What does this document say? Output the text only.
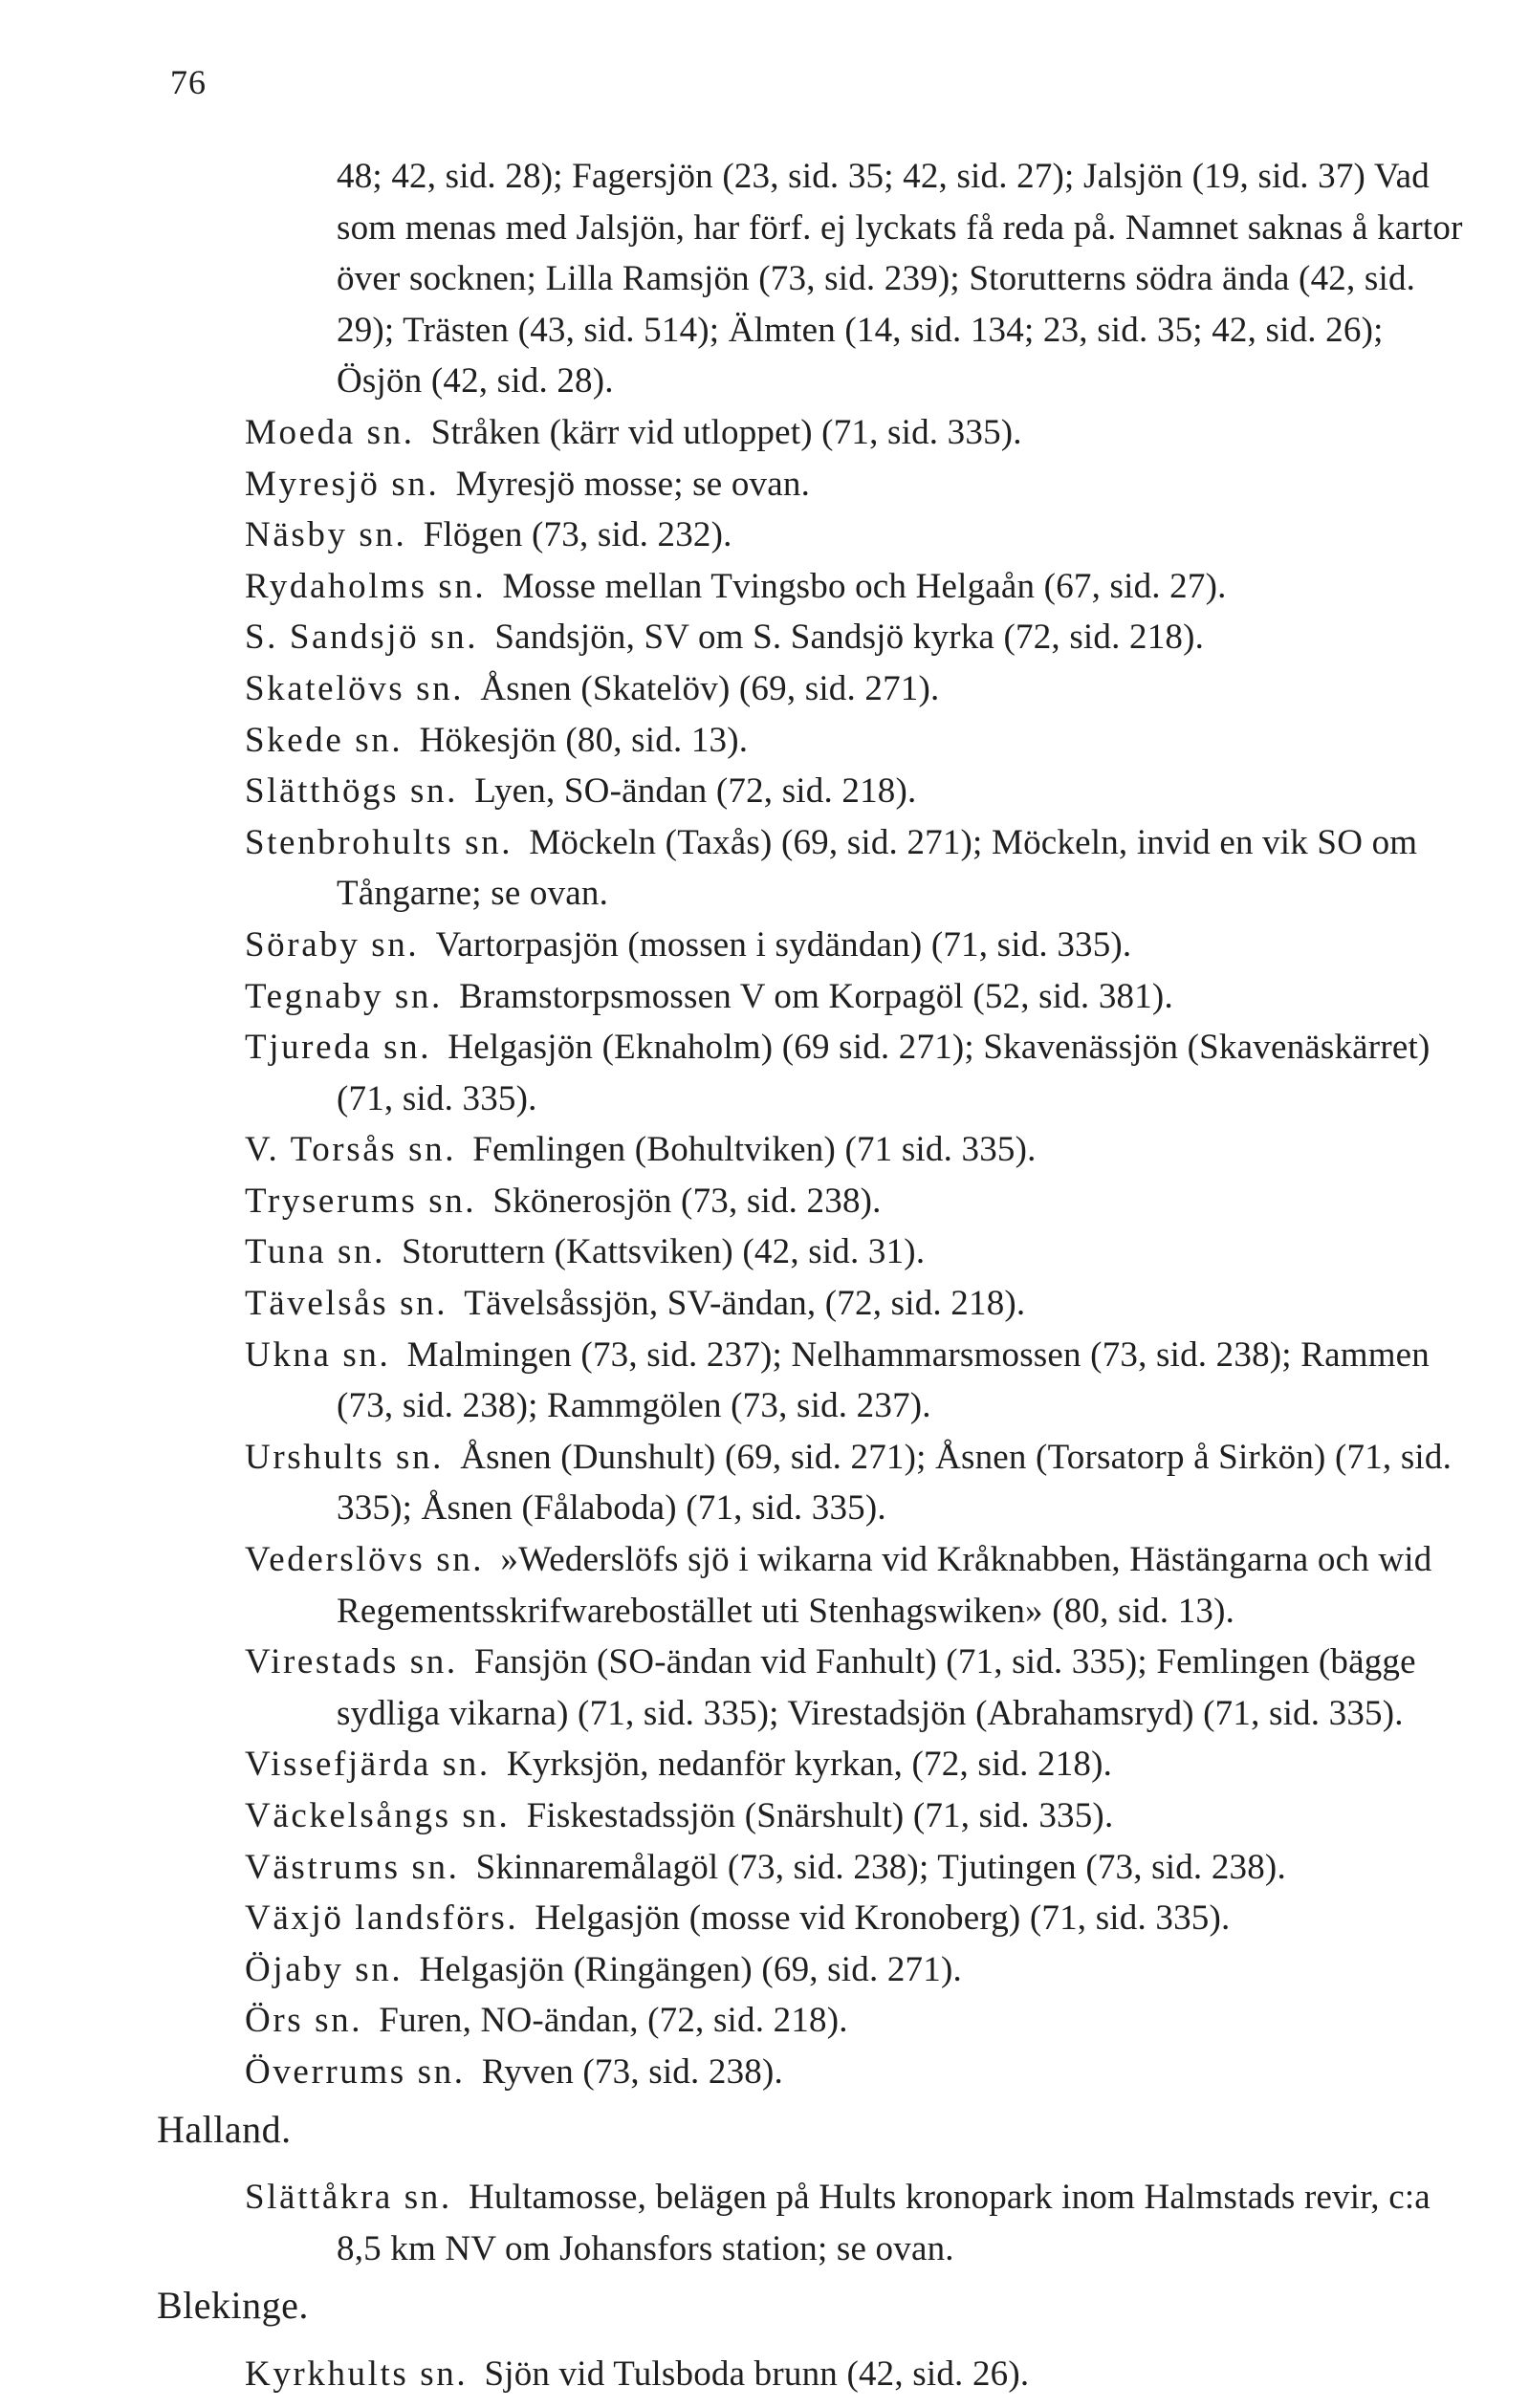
76
48; 42, sid. 28); Fagersjön (23, sid. 35; 42, sid. 27); Jalsjön (19, sid. 37) Vad som menas med Jalsjön, har förf. ej lyckats få reda på. Namnet saknas å kartor över socknen; Lilla Ramsjön (73, sid. 239); Storutterns södra ända (42, sid. 29); Trästen (43, sid. 514); Älmten (14, sid. 134; 23, sid. 35; 42, sid. 26); Ösjön (42, sid. 28).
Moeda sn. Stråken (kärr vid utloppet) (71, sid. 335).
Myresjö sn. Myresjö mosse; se ovan.
Näsby sn. Flögen (73, sid. 232).
Rydaholms sn. Mosse mellan Tvingsbo och Helgaån (67, sid. 27).
S. Sandsjö sn. Sandsjön, SV om S. Sandsjö kyrka (72, sid. 218).
Skatelövs sn. Åsnen (Skatelöv) (69, sid. 271).
Skede sn. Hökesjön (80, sid. 13).
Slätthögs sn. Lyen, SO-ändan (72, sid. 218).
Stenbrohults sn. Möckeln (Taxås) (69, sid. 271); Möckeln, invid en vik SO om Tångarne; se ovan.
Söraby sn. Vartorpasjön (mossen i sydändan) (71, sid. 335).
Tegnaby sn. Bramstorpsmossen V om Korpagöl (52, sid. 381).
Tjureda sn. Helgasjön (Eknaholm) (69 sid. 271); Skavenässjön (Skavenäskärret) (71, sid. 335).
V. Torsås sn. Femlingen (Bohultviken) (71 sid. 335).
Tryserums sn. Skönerosjön (73, sid. 238).
Tuna sn. Storuttern (Kattsviken) (42, sid. 31).
Tävelsås sn. Tävelsåssjön, SV-ändan, (72, sid. 218).
Ukna sn. Malmingen (73, sid. 237); Nelhammarsmossen (73, sid. 238); Rammen (73, sid. 238); Rammgölen (73, sid. 237).
Urshults sn. Åsnen (Dunshult) (69, sid. 271); Åsnen (Torsatorp å Sirkön) (71, sid. 335); Åsnen (Fålaboda) (71, sid. 335).
Vederslövs sn. »Wederslöfs sjö i wikarna vid Kråknabben, Hästängarna och wid Regementsskrifwarebostället uti Stenhagswiken» (80, sid. 13).
Virestads sn. Fansjön (SO-ändan vid Fanhult) (71, sid. 335); Femlingen (bägge sydliga vikarna) (71, sid. 335); Virestadsjön (Abrahamsryd) (71, sid. 335).
Vissefjärda sn. Kyrksjön, nedanför kyrkan, (72, sid. 218).
Väckelsångs sn. Fiskestadssjön (Snärshult) (71, sid. 335).
Västrums sn. Skinnaremålagöl (73, sid. 238); Tjutingen (73, sid. 238).
Växjö landsförs. Helgasjön (mosse vid Kronoberg) (71, sid. 335).
Öjaby sn. Helgasjön (Ringängen) (69, sid. 271).
Örs sn. Furen, NO-ändan, (72, sid. 218).
Överrums sn. Ryven (73, sid. 238).
Halland.
Slättåkra sn. Hultamosse, belägen på Hults kronopark inom Halmstads revir, c:a 8,5 km NV om Johansfors station; se ovan.
Blekinge.
Kyrkhults sn. Sjön vid Tulsboda brunn (42, sid. 26).
